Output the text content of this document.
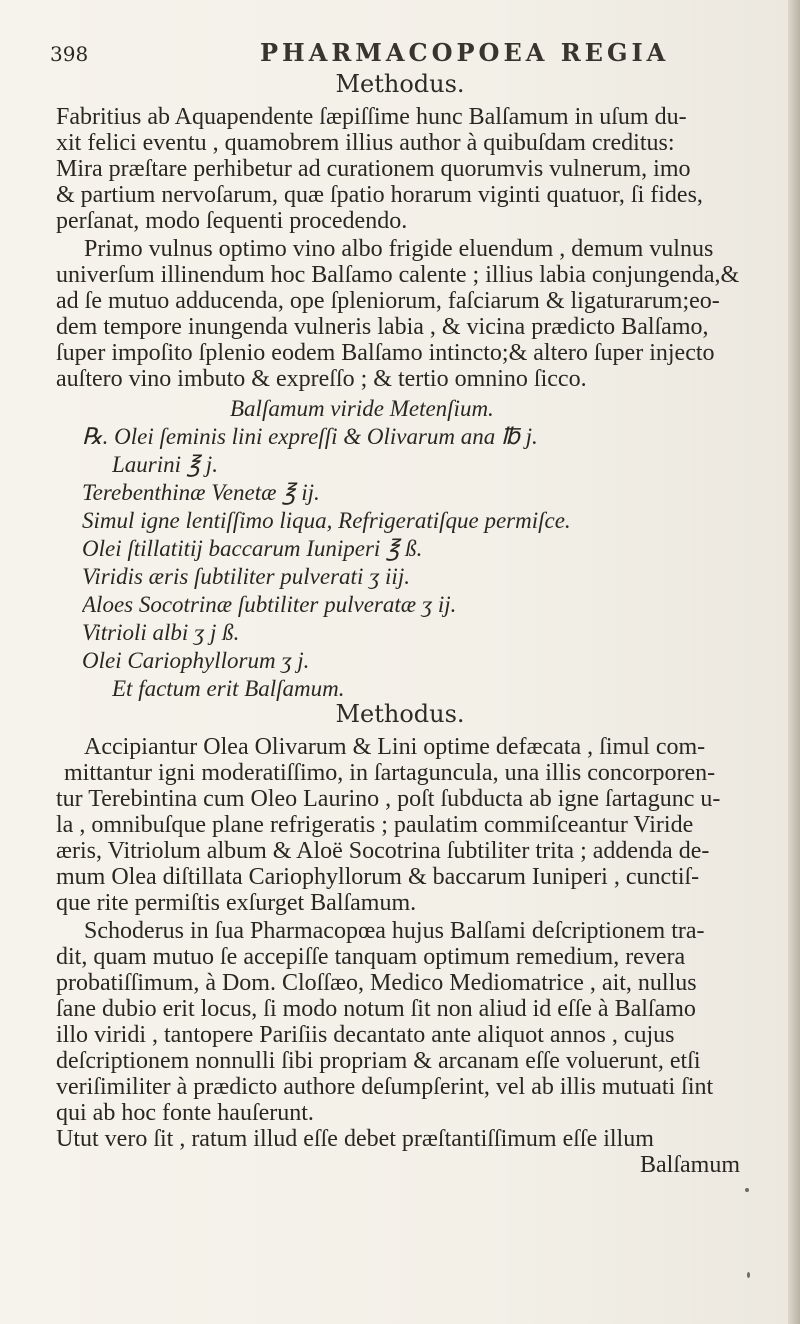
398	PHARMACOPOEA REGIA
Methodus.
Fabritius ab Aquapendente ſæpiſſime hunc Balſamum in uſum du-
xit felici eventu , quamobrem illius author à quibuſdam creditus:
Mira præſtare perhibetur ad curationem quorumvis vulnerum, imo
& partium nervoſarum, quæ ſpatio horarum viginti quatuor, ſi fides,
perſanat, modo ſequenti procedendo.
Primo vulnus optimo vino albo frigide eluendum , demum vulnus
univerſum illinendum hoc Balſamo calente ; illius labia conjungenda,&
ad ſe mutuo adducenda, ope ſpleniorum, faſciarum & ligaturarum;eo-
dem tempore inungenda vulneris labia , & vicina prædicto Balſamo,
ſuper impoſito ſplenio eodem Balſamo intincto;& altero ſuper injecto
auſtero vino imbuto & expreſſo ; & tertio omnino ſicco.
Balſamum viride Metenſium.
℞. Olei ſeminis lini expreſſi & Olivarum ana ℔ j.
Laurini ℥ j.
Terebenthinæ Venetæ ℥ ij.
Simul igne lentiſſimo liqua, Refrigeratiſque permiſce.
Olei ſtillatitij baccarum Iuniperi ℥ ß.
Viridis æris ſubtiliter pulverati ʒ iij.
Aloes Socotrinæ ſubtiliter pulveratæ ʒ ij.
Vitrioli albi ʒ j ß.
Olei Cariophyllorum ʒ j.
Et factum erit Balſamum.
Methodus.
Accipiantur Olea Olivarum & Lini optime defæcata , ſimul com-
mittantur igni moderatiſſimo, in ſartaguncula, una illis concorporen-
tur Terebintina cum Oleo Laurino , poſt ſubducta ab igne ſartagunc u-
la , omnibuſque plane refrigeratis ; paulatim commiſceantur Viride
æris, Vitriolum album & Aloë Socotrina ſubtiliter trita ; addenda de-
mum Olea diſtillata Cariophyllorum & baccarum Iuniperi , cunctiſ-
que rite permiſtis exſurget Balſamum.
Schoderus in ſua Pharmacopœa hujus Balſami deſcriptionem tra-
dit, quam mutuo ſe accepiſſe tanquam optimum remedium, revera
probatiſſimum, à Dom. Cloſſæo, Medico Mediomatrice , ait, nullus
ſane dubio erit locus, ſi modo notum ſit non aliud id eſſe à Balſamo
illo viridi , tantopere Pariſiis decantato ante aliquot annos , cujus
deſcriptionem nonnulli ſibi propriam & arcanam eſſe voluerunt, etſi
veriſimiliter à prædicto authore deſumpſerint, vel ab illis mutuati ſint
qui ab hoc fonte hauſerunt.
Utut vero ſit , ratum illud eſſe debet præſtantiſſimum eſſe illum
Balſamum
